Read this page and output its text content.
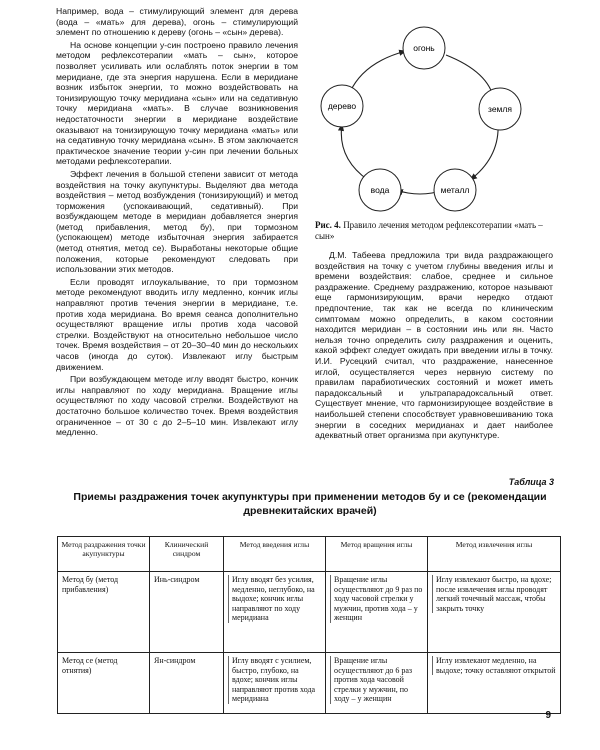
Например, вода – стимулирующий элемент для дерева (вода – «мать» для дерева), огонь – стимулирующий элемент по отношению к дереву (огонь – «сын» дерева).

На основе концепции у-син построено правило лечения методом рефлексотерапии «мать – сын», которое позволяет усиливать или ослаблять поток энергии в том меридиане, где эта энергия нарушена. Если в меридиане возник избыток энергии, то можно воздействовать на тонизирующую точку меридиана «сын» или на седативную точку меридиана «мать». В случае возникновения недостаточности энергии в меридиане воздействие оказывают на тонизирующую точку меридиана «мать» или на седативную точку меридиана «сын». В этом заключается практическое значение теории у-син при лечении больных методами рефлексотерапии.

Эффект лечения в большой степени зависит от метода воздействия на точку акупунктуры. Выделяют два метода воздействия – метод возбуждения (тонизирующий) и метод торможения (успокаивающий, седативный). При возбуждающем методе в меридиан добавляется энергия (метод прибавления, метод бу), при тормозном (успокающем) методе избыточная энергия забирается (метод отнятия, метод се). Выработаны некоторые общие положения, которые рекомендуют следовать при использовании этих методов.

Если проводят иглоукалывание, то при тормозном методе рекомендуют вводить иглу медленно, кончик иглы направляют против течения энергии в меридиане, т.е. против хода меридиана. Во время сеанса дополнительно осуществляют вращение иглы против хода часовой стрелки. Воздействуют на относительно небольшое число точек. Время воздействия – от 20–30–40 мин до нескольких часов (иногда до суток). Извлекают иглу быстрым движением.

При возбуждающем методе иглу вводят быстро, кончик иглы направляют по ходу меридиана. Вращение иглы осуществляют по ходу часовой стрелки. Воздействуют на достаточно большое количество точек. Время воздействия ограниченное – от 30 с до 2–5–10 мин. Извлекают иглу медленно.

огонь
земля
металл
вода
дерево
Рис. 4. Правило лечения методом рефлексотерапии «мать – сын»

Д.М. Табеева предложила три вида раздражающего воздействия на точку с учетом глубины введения иглы и времени воздействия: слабое, среднее и сильное раздражение. Среднему раздражению, которое называют еще гармонизирующим, врачи нередко отдают предпочтение, так как не всегда по клиническим симптомам можно определить, в каком состоянии находится меридиан – в состоянии инь или ян. Часто нельзя точно определить силу раздражения и оценить, какой эффект следует ожидать при введении иглы в точку. И.И. Русецкий считал, что раздражение, нанесенное иглой, осуществляется через нервную систему по правилам парабиотических состояний и может иметь парадоксальный и ультрапарадоксальный ответ. Существует мнение, что гармонизирующее воздействие в наибольшей степени способствует уравновешиванию тока энергии в соседних меридианах и дает наиболее адекватный ответ организма при акупунктуре.

Таблица 3
Приемы раздражения точек акупунктуры при применении методов бу и се (рекомендации древнекитайских врачей)
Метод раздражения точки акупунктуры	Клинический синдром	Метод введения иглы	Метод вращения иглы	Метод извлечения иглы
Метод бу (метод прибавления)	Инь-синдром	Иглу вводят без усилия, медленно, неглубоко, на выдохе; кончик иглы направляют по ходу меридиана	Вращение иглы осуществляют до 9 раз по ходу часовой стрелки у мужчин, против хода – у женщин	Иглу извлекают быстро, на вдохе; после извлечения иглы проводят легкий точечный массаж, чтобы закрыть точку
Метод се (метод отнятия)	Ян-синдром	Иглу вводят с усилием, быстро, глубоко, на вдохе; кончик иглы направляют против хода меридиана	Вращение иглы осуществляют до 6 раз против хода часовой стрелки у мужчин, по ходу – у женщин	Иглу извлекают медленно, на выдохе; точку оставляют открытой
9
